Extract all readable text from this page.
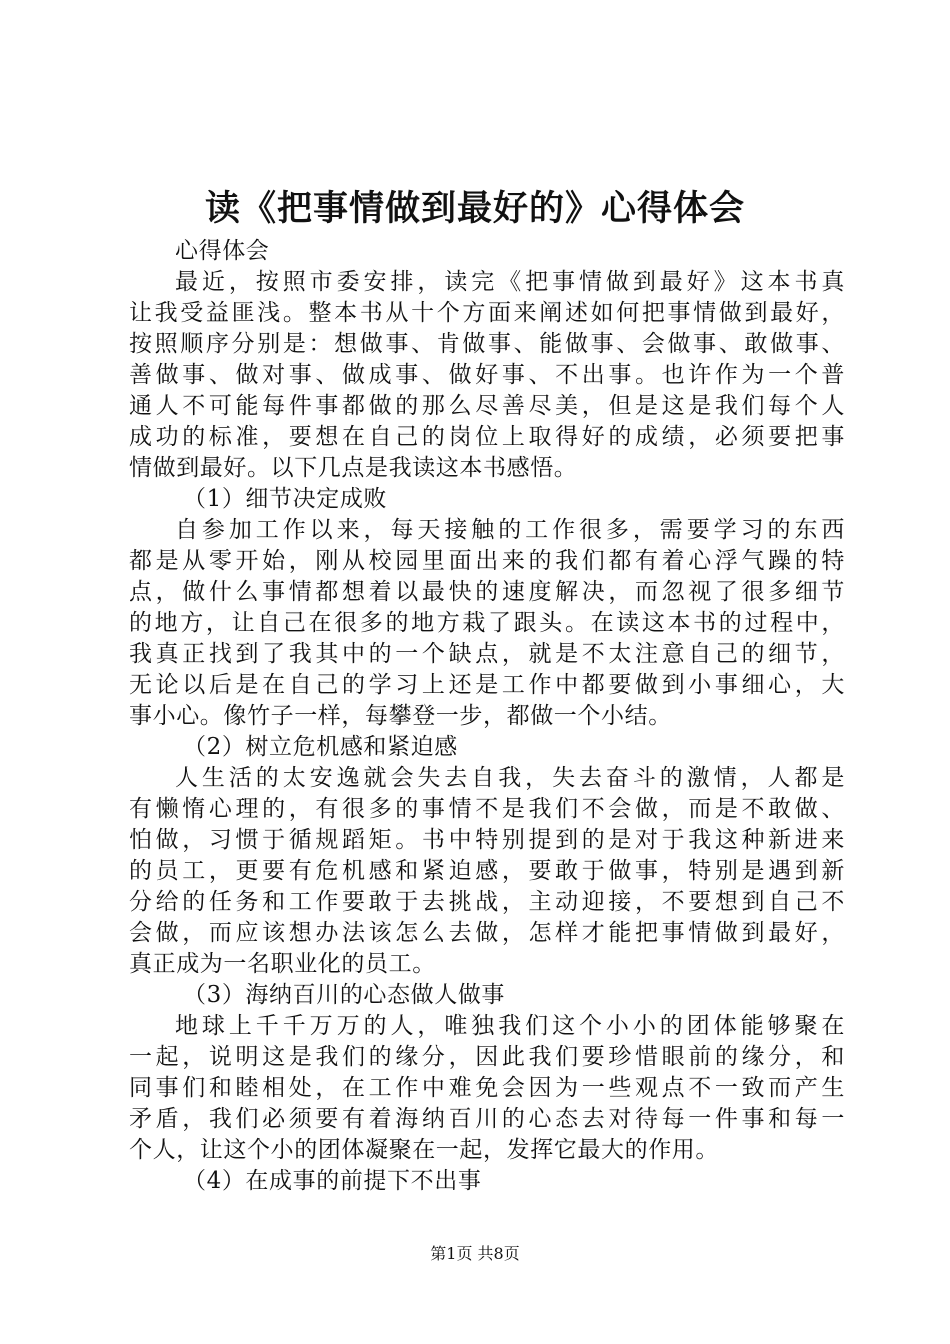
读《把事情做到最好的》心得体会
心得体会
最近，按照市委安排，读完《把事情做到最好》这本书真
让我受益匪浅。整本书从十个方面来阐述如何把事情做到最好，
按照顺序分别是：想做事、肯做事、能做事、会做事、敢做事、
善做事、做对事、做成事、做好事、不出事。也许作为一个普
通人不可能每件事都做的那么尽善尽美，但是这是我们每个人
成功的标准，要想在自己的岗位上取得好的成绩，必须要把事
情做到最好。以下几点是我读这本书感悟。
（1）细节决定成败
自参加工作以来，每天接触的工作很多，需要学习的东西
都是从零开始，刚从校园里面出来的我们都有着心浮气躁的特
点，做什么事情都想着以最快的速度解决，而忽视了很多细节
的地方，让自己在很多的地方栽了跟头。在读这本书的过程中，
我真正找到了我其中的一个缺点，就是不太注意自己的细节，
无论以后是在自己的学习上还是工作中都要做到小事细心，大
事小心。像竹子一样，每攀登一步，都做一个小结。
（2）树立危机感和紧迫感
人生活的太安逸就会失去自我，失去奋斗的激情，人都是
有懒惰心理的，有很多的事情不是我们不会做，而是不敢做、
怕做，习惯于循规蹈矩。书中特别提到的是对于我这种新进来
的员工，更要有危机感和紧迫感，要敢于做事，特别是遇到新
分给的任务和工作要敢于去挑战，主动迎接，不要想到自己不
会做，而应该想办法该怎么去做，怎样才能把事情做到最好，
真正成为一名职业化的员工。
（3）海纳百川的心态做人做事
地球上千千万万的人，唯独我们这个小小的团体能够聚在
一起，说明这是我们的缘分，因此我们要珍惜眼前的缘分，和
同事们和睦相处，在工作中难免会因为一些观点不一致而产生
矛盾，我们必须要有着海纳百川的心态去对待每一件事和每一
个人，让这个小的团体凝聚在一起，发挥它最大的作用。
（4）在成事的前提下不出事
第1页 共8页
